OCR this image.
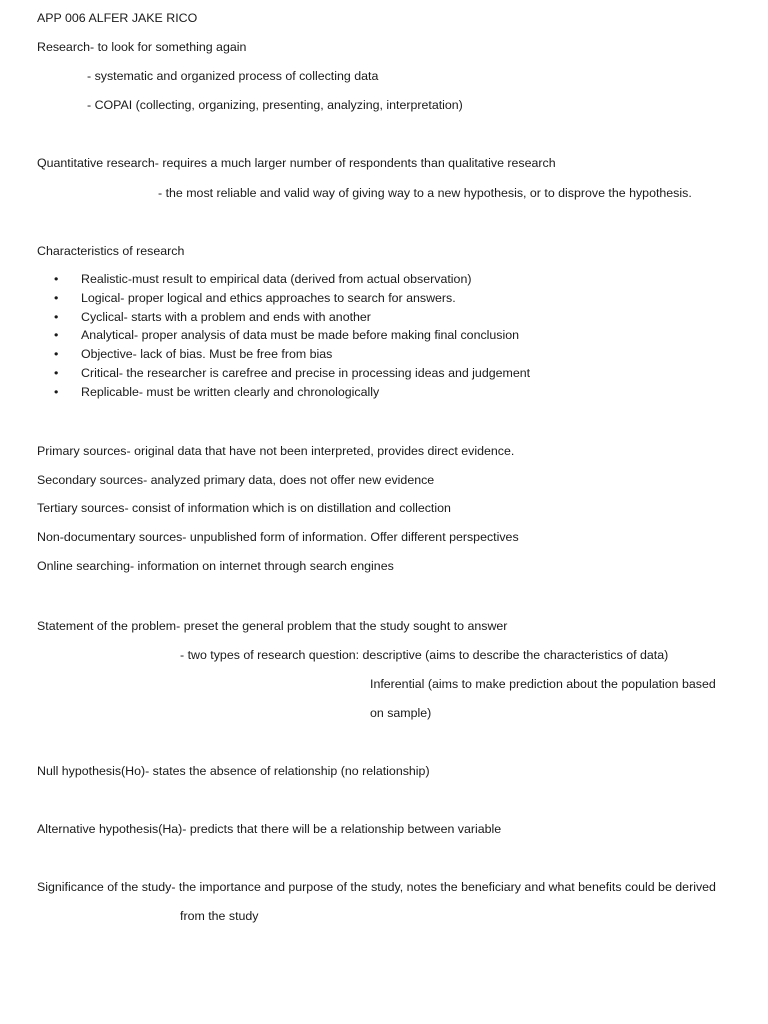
APP 006 ALFER JAKE RICO
Research- to look for something again
- systematic and organized process of collecting data
- COPAI (collecting, organizing, presenting, analyzing, interpretation)
Quantitative research- requires a much larger number of respondents than qualitative research
- the most reliable and valid way of giving way to a new hypothesis, or to disprove the hypothesis.
Characteristics of research
• Realistic-must result to empirical data (derived from actual observation)
• Logical- proper logical and ethics approaches to search for answers.
• Cyclical- starts with a problem and ends with another
• Analytical- proper analysis of data must be made before making final conclusion
• Objective- lack of bias. Must be free from bias
• Critical- the researcher is carefree and precise in processing ideas and judgement
• Replicable- must be written clearly and chronologically
Primary sources- original data that have not been interpreted, provides direct evidence.
Secondary sources- analyzed primary data, does not offer new evidence
Tertiary sources- consist of information which is on distillation and collection
Non-documentary sources- unpublished form of information. Offer different perspectives
Online searching- information on internet through search engines
Statement of the problem- preset the general problem that the study sought to answer
- two types of research question: descriptive (aims to describe the characteristics of data)
Inferential (aims to make prediction about the population based
on sample)
Null hypothesis(Ho)- states the absence of relationship (no relationship)
Alternative hypothesis(Ha)- predicts that there will be a relationship between variable
Significance of the study- the importance and purpose of the study, notes the beneficiary and what benefits could be derived
from the study
